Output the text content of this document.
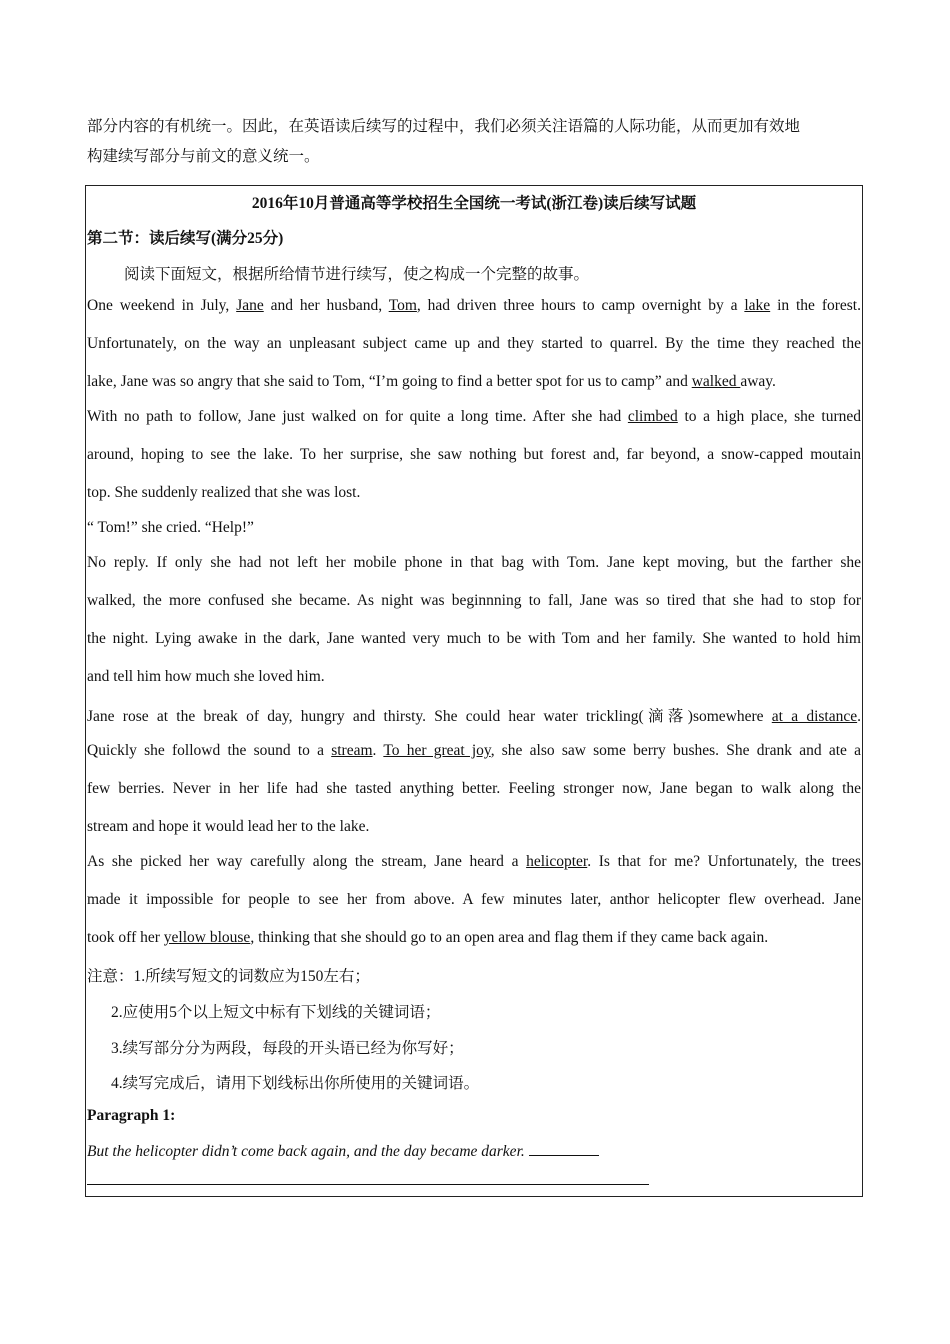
部分内容的有机统一。因此，在英语读后续写的过程中，我们必须关注语篇的人际功能，从而更加有效地

构建续写部分与前文的意义统一。

2016年10月普通高等学校招生全国统一考试(浙江卷)读后续写试题
第二节：读后续写(满分25分)
阅读下面短文，根据所给情节进行续写，使之构成一个完整的故事。
One weekend in July, Jane and her husband, Tom, had driven three hours to camp overnight by a lake in the forest.
Unfortunately, on the way an unpleasant subject came up and they started to quarrel. By the time they reached the
lake, Jane was so angry that she said to Tom, “I’m going to find a better spot for us to camp” and walked away.
With no path to follow, Jane just walked on for quite a long time. After she had climbed to a high place, she turned
around, hoping to see the lake. To her surprise, she saw nothing but forest and, far beyond, a snow-capped moutain
top. She suddenly realized that she was lost.
“ Tom!” she cried. “Help!”
No reply. If only she had not left her mobile phone in that bag with Tom. Jane kept moving, but the farther she
walked, the more confused she became. As night was beginnning to fall, Jane was so tired that she had to stop for
the night. Lying awake in the dark, Jane wanted very much to be with Tom and her family. She wanted to hold him
and tell him how much she loved him.
Jane rose at the break of day, hungry and thirsty. She could hear water trickling(滴落)somewhere at a distance.
Quickly she followd the sound to a stream. To her great joy, she also saw some berry bushes. She drank and ate a
few berries. Never in her life had she tasted anything better. Feeling stronger now, Jane began to walk along the
stream and hope it would lead her to the lake.
As she picked her way carefully along the stream, Jane heard a helicopter. Is that for me? Unfortunately, the trees
made it impossible for people to see her from above. A few minutes later, anthor helicopter flew overhead. Jane
took off her yellow blouse, thinking that she should go to an open area and flag them if they came back again.
注意：1.所续写短文的词数应为150左右；
2.应使用5个以上短文中标有下划线的关键词语；
3.续写部分分为两段，每段的开头语已经为你写好；
4.续写完成后，请用下划线标出你所使用的关键词语。
Paragraph 1:
But the helicopter didn’t come back again, and the day became darker.
